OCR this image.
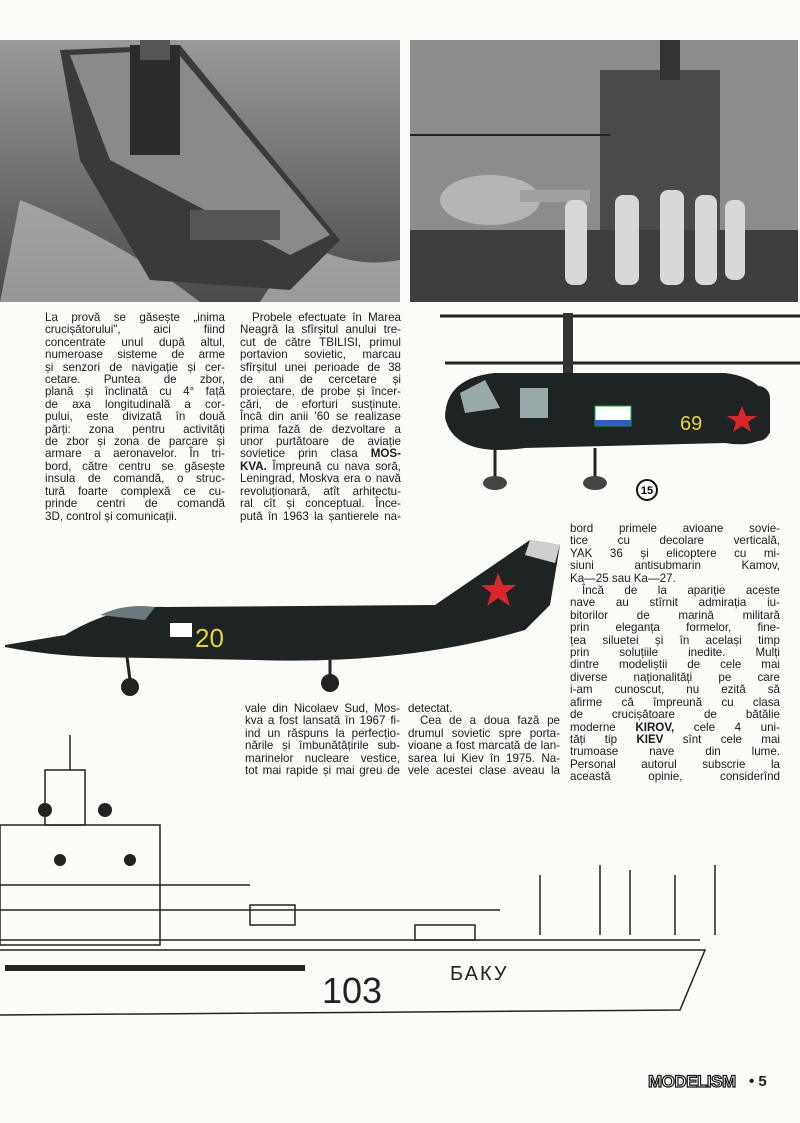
La provă se găsește „inima
crucișătorului", aici fiind
concentrate unul după altul,
numeroase sisteme de arme
și senzori de navigație și cer-
cetare. Puntea de zbor,
plană și înclinată cu 4° față
de axa longitudinală a cor-
pului, este divizată în două
părți: zona pentru activități
de zbor și zona de parcare și
armare a aeronavelor. În tri-
bord, către centru se găsește
insula de comandă, o struc-
tură foarte complexă ce cu-
prinde centri de comandă
3D, control și comunicații.
Probele efectuate în Marea
Neagră la sfîrșitul anului tre-
cut de către TBILISI, primul
portavion sovietic, marcau
sfîrșitul unei perioade de 38
de ani de cercetare și
proiectare, de probe și încer-
cări, de eforturi susținute.
Încă din anii '60 se realizase
prima fază de dezvoltare a
unor purtătoare de aviație
sovietice prin clasa MOS-
KVA. Împreună cu nava soră,
Leningrad, Moskva era o navă
revoluționară, atît arhitectu-
ral cît și conceptual. Înce-
pută în 1963 la șantierele na-
69
15
20
bord primele avioane sovie-
tice cu decolare verticală,
YAK 36 și elicoptere cu mi-
siuni antisubmarin Kamov,
Ka—25 sau Ka—27.
Încă de la apariție aceste
nave au stîrnit admirația iu-
bitorilor de marină militară
prin eleganța formelor, fine-
țea siluetei și în același timp
prin soluțiile inedite. Mulți
dintre modeliștii de cele mai
diverse naționalități pe care
i-am cunoscut, nu ezită să
afirme că împreună cu clasa
de crucișătoare de bătălie
moderne KIROV, cele 4 uni-
tăți tip KIEV sînt cele mai
trumoase nave din lume.
Personal autorul subscrie la
această opinie, considerînd
vale din Nicolaev Sud, Mos-
kva a fost lansată în 1967 fi-
ind un răspuns la perfecțio-
nările și îmbunătățirile sub-
marinelor nucleare vestice,
tot mai rapide și mai greu de
detectat.
Cea de a doua fază pe
drumul sovietic spre porta-
vioane a fost marcată de lan-
sarea lui Kiev în 1975. Na-
vele acestei clase aveau la
103	БАКУ
MODELISM • 5
